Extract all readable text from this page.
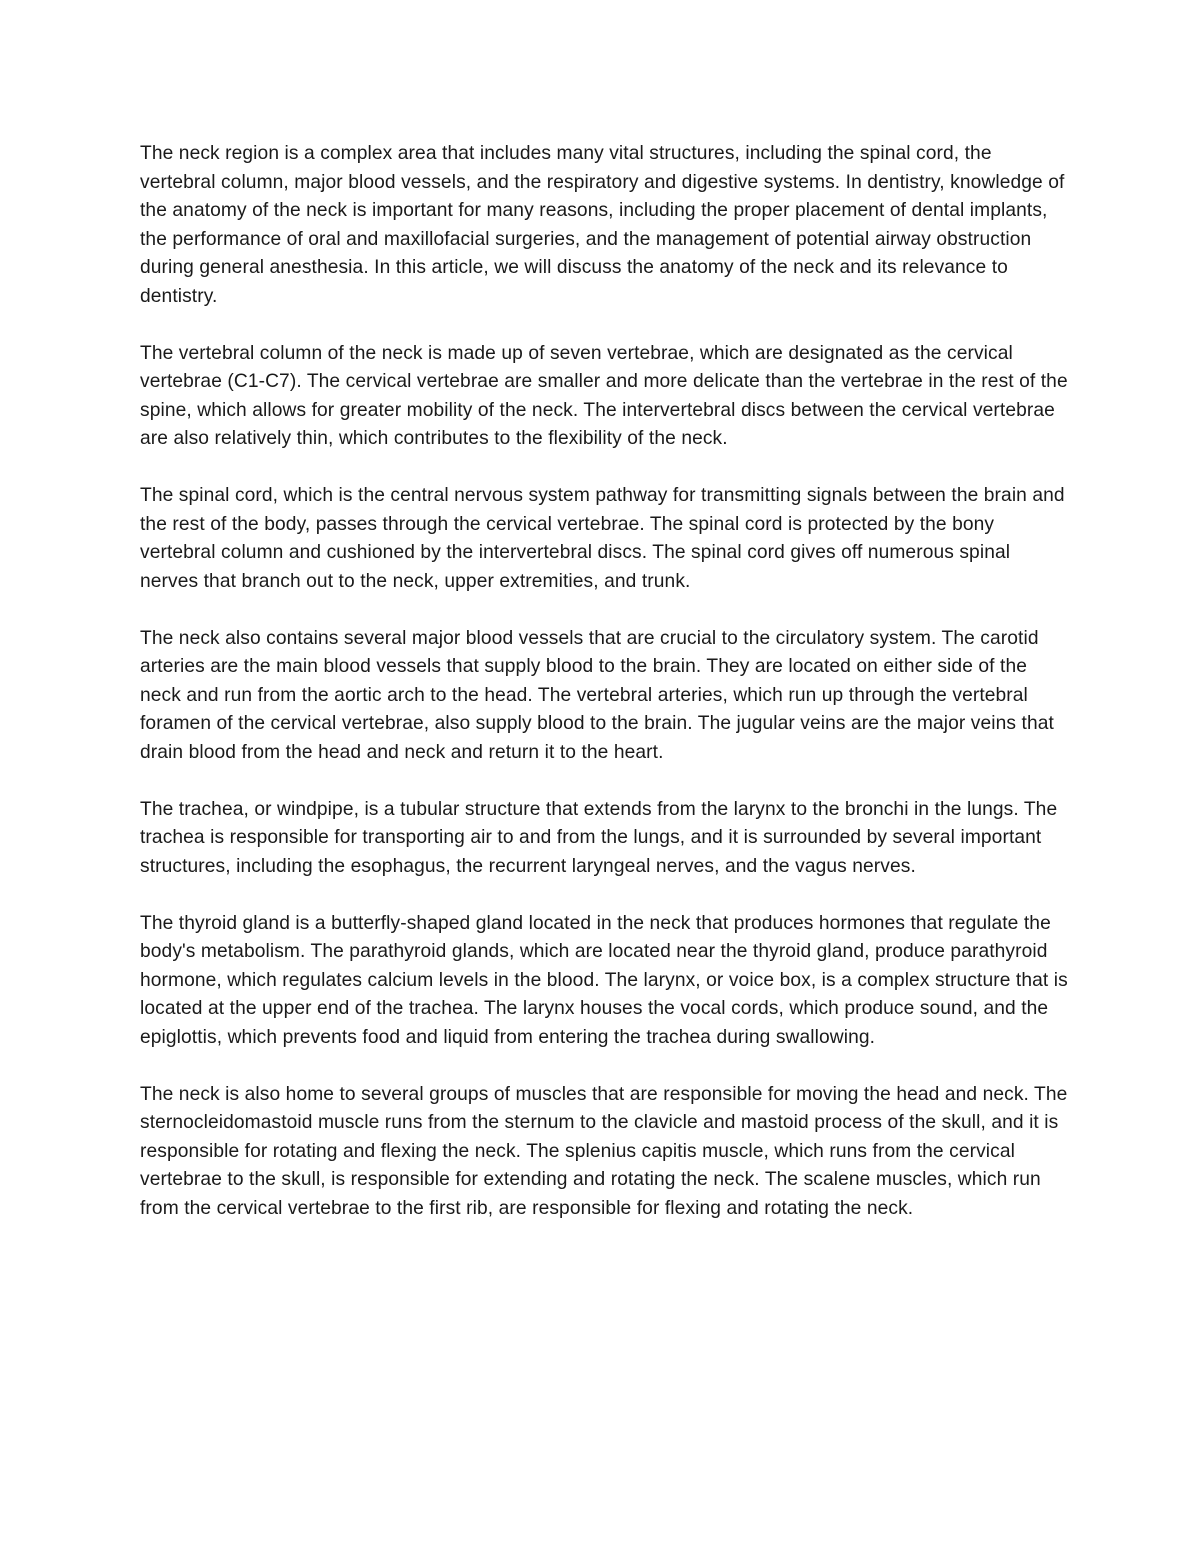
The neck region is a complex area that includes many vital structures, including the spinal cord, the vertebral column, major blood vessels, and the respiratory and digestive systems. In dentistry, knowledge of the anatomy of the neck is important for many reasons, including the proper placement of dental implants, the performance of oral and maxillofacial surgeries, and the management of potential airway obstruction during general anesthesia. In this article, we will discuss the anatomy of the neck and its relevance to dentistry.

The vertebral column of the neck is made up of seven vertebrae, which are designated as the cervical vertebrae (C1-C7). The cervical vertebrae are smaller and more delicate than the vertebrae in the rest of the spine, which allows for greater mobility of the neck. The intervertebral discs between the cervical vertebrae are also relatively thin, which contributes to the flexibility of the neck.

The spinal cord, which is the central nervous system pathway for transmitting signals between the brain and the rest of the body, passes through the cervical vertebrae. The spinal cord is protected by the bony vertebral column and cushioned by the intervertebral discs. The spinal cord gives off numerous spinal nerves that branch out to the neck, upper extremities, and trunk.

The neck also contains several major blood vessels that are crucial to the circulatory system. The carotid arteries are the main blood vessels that supply blood to the brain. They are located on either side of the neck and run from the aortic arch to the head. The vertebral arteries, which run up through the vertebral foramen of the cervical vertebrae, also supply blood to the brain. The jugular veins are the major veins that drain blood from the head and neck and return it to the heart.

The trachea, or windpipe, is a tubular structure that extends from the larynx to the bronchi in the lungs. The trachea is responsible for transporting air to and from the lungs, and it is surrounded by several important structures, including the esophagus, the recurrent laryngeal nerves, and the vagus nerves.

The thyroid gland is a butterfly-shaped gland located in the neck that produces hormones that regulate the body's metabolism. The parathyroid glands, which are located near the thyroid gland, produce parathyroid hormone, which regulates calcium levels in the blood. The larynx, or voice box, is a complex structure that is located at the upper end of the trachea. The larynx houses the vocal cords, which produce sound, and the epiglottis, which prevents food and liquid from entering the trachea during swallowing.

The neck is also home to several groups of muscles that are responsible for moving the head and neck. The sternocleidomastoid muscle runs from the sternum to the clavicle and mastoid process of the skull, and it is responsible for rotating and flexing the neck. The splenius capitis muscle, which runs from the cervical vertebrae to the skull, is responsible for extending and rotating the neck. The scalene muscles, which run from the cervical vertebrae to the first rib, are responsible for flexing and rotating the neck.
